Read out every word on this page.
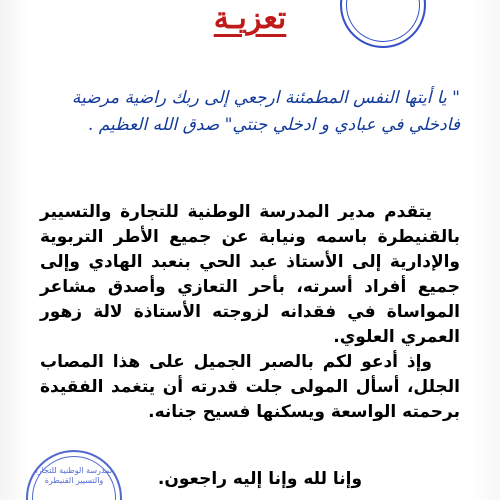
تعزيـة
" يا أيتها النفس المطمئنة ارجعي إلى ربك راضية مرضية فادخلي في عبادي و ادخلي جنتي" صدق الله العظيم .

يتقدم مدير المدرسة الوطنية للتجارة والتسيير بالقنيطرة باسمه ونيابة عن جميع الأطر التربوية والإدارية إلى الأستاذ عبد الحي بنعبد الهادي وإلى جميع أفراد أسرته، بأحر التعازي وأصدق مشاعر المواساة في فقدانه لزوجته الأستاذة لالة زهور العمري العلوي.

وإذ أدعو لكم بالصبر الجميل على هذا المصاب الجلل، أسأل المولى جلت قدرته أن يتغمد الفقيدة برحمته الواسعة ويسكنها فسيح جنانه.

وإنا لله وإنا إليه راجعون.
المدرسة الوطنية للتجارة والتسيير القنيطرة
